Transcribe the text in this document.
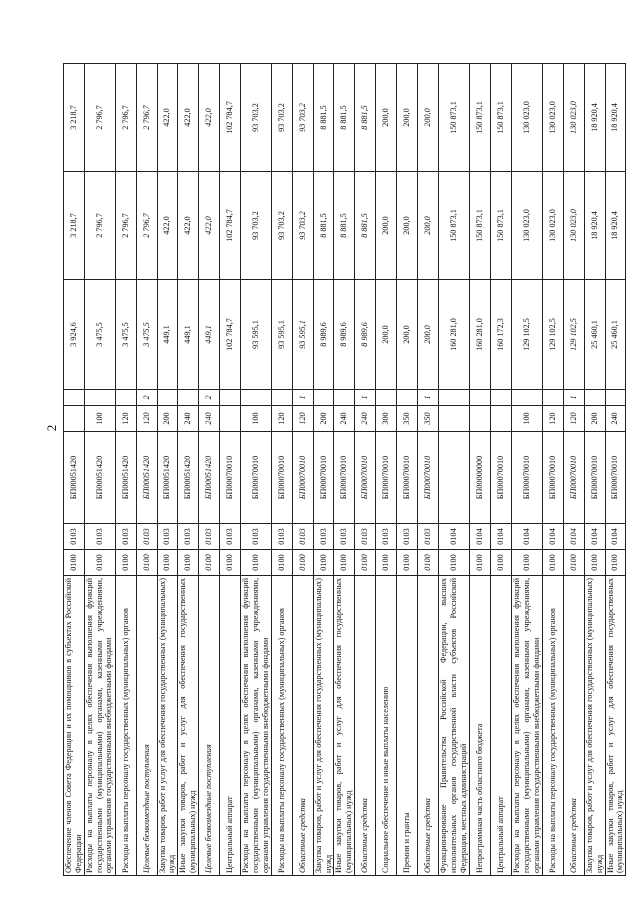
2
Обеспечение членов Совета Федерации и их помощников в субъектах Российской Федерации	0100	0103	БП00051420			3 924,6	3 218,7	3 218,7
Расходы на выплаты персоналу в целях обеспечения выполнения функций государственными (муниципальными) органами, казенными учреждениями, органами управления государственными внебюджетными фондами	0100	0103	БП00051420	100		3 475,5	2 796,7	2 796,7
Расходы на выплаты персоналу государственных (муниципальных) органов	0100	0103	БП00051420	120		3 475,5	2 796,7	2 796,7
Целевые безвозмездные поступления	0100	0103	БП00051420	120	2	3 475,5	2 796,7	2 796,7
Закупка товаров, работ и услуг для обеспечения государственных (муниципальных) нужд	0100	0103	БП00051420	200		449,1	422,0	422,0
Иные закупки товаров, работ и услуг для обеспечения государственных (муниципальных) нужд	0100	0103	БП00051420	240		449,1	422,0	422,0
Целевые безвозмездные поступления	0100	0103	БП00051420	240	2	449,1	422,0	422,0
Центральный аппарат	0100	0103	БП00070010			102 784,7	102 784,7	102 784,7
Расходы на выплаты персоналу в целях обеспечения выполнения функций государственными (муниципальными) органами, казенными учреждениями, органами управления государственными внебюджетными фондами	0100	0103	БП00070010	100		93 595,1	93 703,2	93 703,2
Расходы на выплаты персоналу государственных (муниципальных) органов	0100	0103	БП00070010	120		93 595,1	93 703,2	93 703,2
Областные средства	0100	0103	БП00070010	120	1	93 595,1	93 703,2	93 703,2
Закупка товаров, работ и услуг для обеспечения государственных (муниципальных) нужд	0100	0103	БП00070010	200		8 989,6	8 881,5	8 881,5
Иные закупки товаров, работ и услуг для обеспечения государственных (муниципальных) нужд	0100	0103	БП00070010	240		8 989,6	8 881,5	8 881,5
Областные средства	0100	0103	БП00070010	240	1	8 989,6	8 881,5	8 881,5
Социальное обеспечение и иные выплаты населению	0100	0103	БП00070010	300		200,0	200,0	200,0
Премии и гранты	0100	0103	БП00070010	350		200,0	200,0	200,0
Областные средства	0100	0103	БП00070010	350	1	200,0	200,0	200,0
Функционирование Правительства Российской Федерации, высших исполнительных органов государственной власти субъектов Российской Федерации, местных администраций	0100	0104				160 281,0	150 873,1	150 873,1
Непрограммная часть областного бюджета	0100	0104	БП00000000			160 281,0	150 873,1	150 873,1
Центральный аппарат	0100	0104	БП00070010			160 172,3	150 873,1	150 873,1
Расходы на выплаты персоналу в целях обеспечения выполнения функций государственными (муниципальными) органами, казенными учреждениями, органами управления государственными внебюджетными фондами	0100	0104	БП00070010	100		129 102,5	130 023,0	130 023,0
Расходы на выплаты персоналу государственных (муниципальных) органов	0100	0104	БП00070010	120		129 102,5	130 023,0	130 023,0
Областные средства	0100	0104	БП00070010	120	1	129 102,5	130 023,0	130 023,0
Закупка товаров, работ и услуг для обеспечения государственных (муниципальных) нужд	0100	0104	БП00070010	200		25 460,1	18 920,4	18 920,4
Иные закупки товаров, работ и услуг для обеспечения государственных (муниципальных) нужд	0100	0104	БП00070010	240		25 460,1	18 920,4	18 920,4
